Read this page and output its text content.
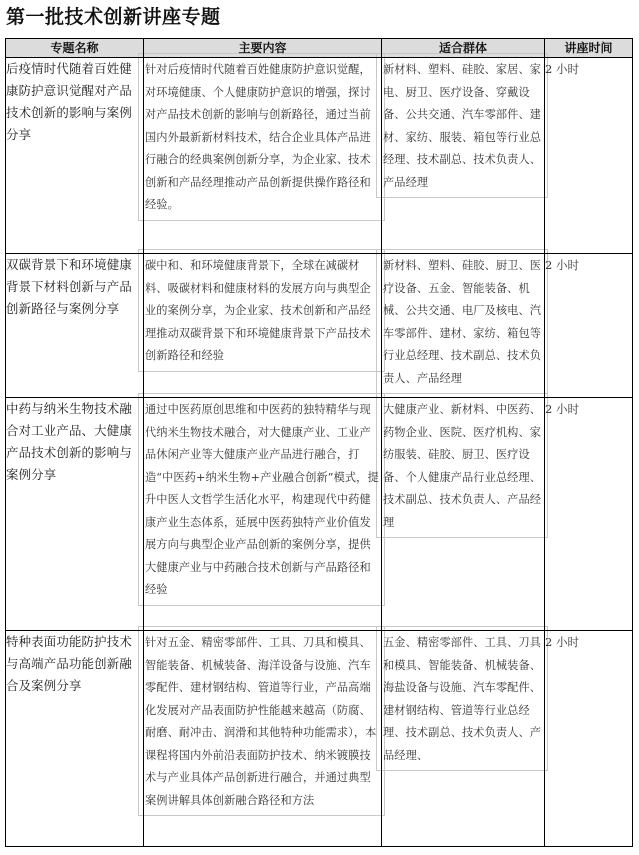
第一批技术创新讲座专题
专题名称	主要内容	适合群体	讲座时间
后疫情时代随着百姓健康防护意识觉醒对产品技术创新的影响与案例分享	针对后疫情时代随着百姓健康防护意识觉醒，对环境健康、个人健康防护意识的增强，探讨对产品技术创新的影响与创新路径，通过当前国内外最新新材料技术，结合企业具体产品进行融合的经典案例创新分享，为企业家、技术创新和产品经理推动产品创新提供操作路径和经验。	新材料、塑料、硅胶、家居、家电、厨卫、医疗设备、穿戴设备、公共交通、汽车零部件、建材、家纺、服装、箱包等行业总经理、技术副总、技术负责人、产品经理	2 小时
双碳背景下和环境健康背景下材料创新与产品创新路径与案例分享	碳中和、和环境健康背景下，全球在减碳材料、吸碳材料和健康材料的发展方向与典型企业的案例分享，为企业家、技术创新和产品经理推动双碳背景下和环境健康背景下产品技术创新路径和经验	新材料、塑料、硅胶、厨卫、医疗设备、五金、智能装备、机械、公共交通、电厂及核电、汽车零部件、建材、家纺、箱包等行业总经理、技术副总、技术负责人、产品经理	2 小时
中药与纳米生物技术融合对工业产品、大健康产品技术创新的影响与案例分享	通过中医药原创思维和中医药的独特精华与现代纳米生物技术融合，对大健康产业、工业产品休闲产业等大健康产业产品进行融合，打造“中医药+纳米生物+产业融合创新”模式，提升中医人文哲学生活化水平，构建现代中药健康产业生态体系，延展中医药独特产业价值发展方向与典型企业产品创新的案例分享，提供大健康产业与中药融合技术创新与产品路径和经验	大健康产业、新材料、中医药、药物企业、医院、医疗机构、家纺服装、硅胶、厨卫、医疗设备、个人健康产品行业总经理、技术副总、技术负责人、产品经理	2 小时
特种表面功能防护技术与高端产品功能创新融合及案例分享	针对五金、精密零部件、工具、刀具和模具、智能装备、机械装备、海洋设备与设施、汽车零配件、建材钢结构、管道等行业，产品高端化发展对产品表面防护性能越来越高（防腐、耐磨、耐冲击、润滑和其他特种功能需求），本课程将国内外前沿表面防护技术、纳米镀膜技术与产业具体产品创新进行融合，并通过典型案例讲解具体创新融合路径和方法	五金、精密零部件、工具、刀具和模具、智能装备、机械装备、海盐设备与设施、汽车零配件、建材钢结构、管道等行业总经理、技术副总、技术负责人、产品经理、	2 小时
